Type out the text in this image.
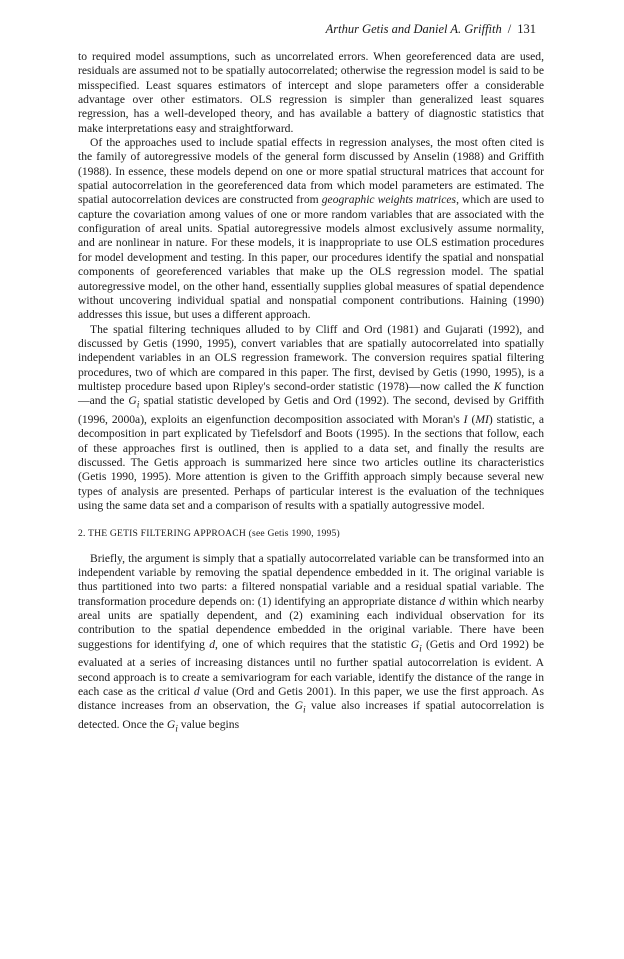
Arthur Getis and Daniel A. Griffith / 131

to required model assumptions, such as uncorrelated errors. When georeferenced data are used, residuals are assumed not to be spatially autocorrelated; otherwise the regression model is said to be misspecified. Least squares estimators of intercept and slope parameters offer a considerable advantage over other estimators. OLS regression is simpler than generalized least squares regression, has a well-developed theory, and has available a battery of diagnostic statistics that make interpretations easy and straightforward.

Of the approaches used to include spatial effects in regression analyses, the most often cited is the family of autoregressive models of the general form discussed by Anselin (1988) and Griffith (1988). In essence, these models depend on one or more spatial structural matrices that account for spatial autocorrelation in the georeferenced data from which model parameters are estimated. The spatial autocorrelation devices are constructed from geographic weights matrices, which are used to capture the covariation among values of one or more random variables that are associated with the configuration of areal units. Spatial autoregressive models almost exclusively assume normality, and are nonlinear in nature. For these models, it is inappropriate to use OLS estimation procedures for model development and testing. In this paper, our procedures identify the spatial and nonspatial components of georeferenced variables that make up the OLS regression model. The spatial autoregressive model, on the other hand, essentially supplies global measures of spatial dependence without uncovering individual spatial and nonspatial component contributions. Haining (1990) addresses this issue, but uses a different approach.

The spatial filtering techniques alluded to by Cliff and Ord (1981) and Gujarati (1992), and discussed by Getis (1990, 1995), convert variables that are spatially autocorrelated into spatially independent variables in an OLS regression framework. The conversion requires spatial filtering procedures, two of which are compared in this paper. The first, devised by Getis (1990, 1995), is a multistep procedure based upon Ripley's second-order statistic (1978)—now called the K function—and the $G_i$ spatial statistic developed by Getis and Ord (1992). The second, devised by Griffith (1996, 2000a), exploits an eigenfunction decomposition associated with Moran's I (MI) statistic, a decomposition in part explicated by Tiefelsdorf and Boots (1995). In the sections that follow, each of these approaches first is outlined, then is applied to a data set, and finally the results are discussed. The Getis approach is summarized here since two articles outline its characteristics (Getis 1990, 1995). More attention is given to the Griffith approach simply because several new types of analysis are presented. Perhaps of particular interest is the evaluation of the techniques using the same data set and a comparison of results with a spatially autogressive model.

2. THE GETIS FILTERING APPROACH (see Getis 1990, 1995)

Briefly, the argument is simply that a spatially autocorrelated variable can be transformed into an independent variable by removing the spatial dependence embedded in it. The original variable is thus partitioned into two parts: a filtered nonspatial variable and a residual spatial variable. The transformation procedure depends on: (1) identifying an appropriate distance d within which nearby areal units are spatially dependent, and (2) examining each individual observation for its contribution to the spatial dependence embedded in the original variable. There have been suggestions for identifying d, one of which requires that the statistic $G_i$ (Getis and Ord 1992) be evaluated at a series of increasing distances until no further spatial autocorrelation is evident. A second approach is to create a semivariogram for each variable, identify the distance of the range in each case as the critical d value (Ord and Getis 2001). In this paper, we use the first approach. As distance increases from an observation, the $G_i$ value also increases if spatial autocorrelation is detected. Once the $G_i$ value begins
